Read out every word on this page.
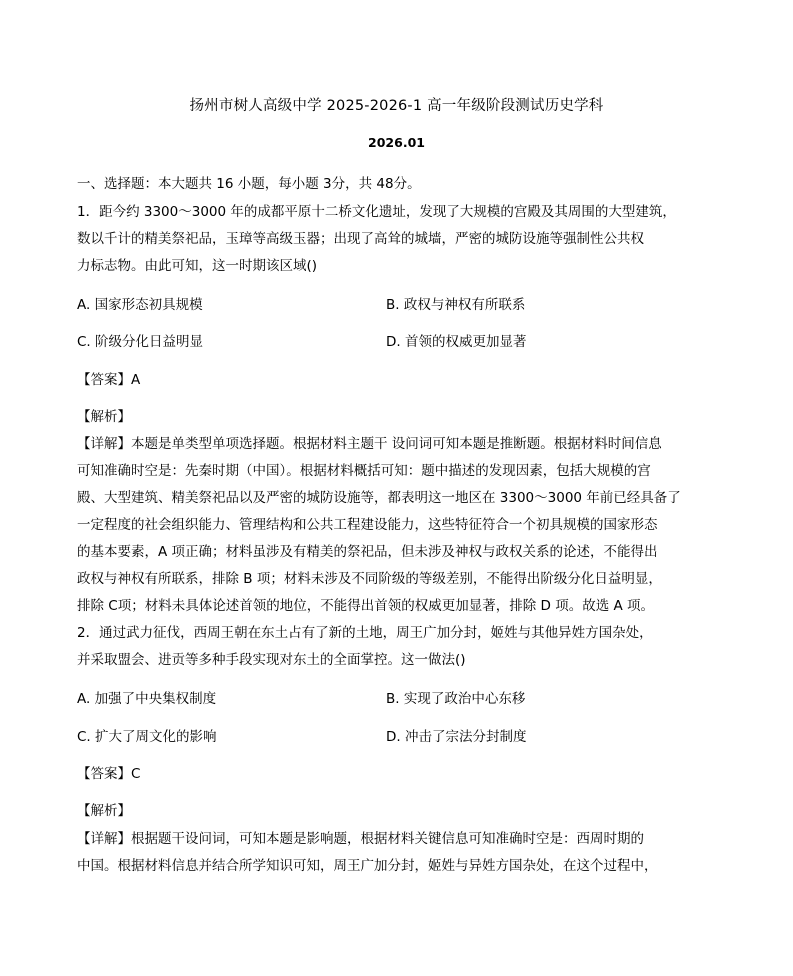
扬州市树人高级中学 2025-2026-1 高一年级阶段测试历史学科
2026.01
一、选择题：本大题共 16 小题，每小题 3分，共 48分。
1．距今约 3300～3000 年的成都平原十二桥文化遗址，发现了大规模的宫殿及其周围的大型建筑，
数以千计的精美祭祀品，玉璋等高级玉器；出现了高耸的城墙，严密的城防设施等强制性公共权
力标志物。由此可知，这一时期该区域()
A. 国家形态初具规模	B. 政权与神权有所联系
C. 阶级分化日益明显	D. 首领的权威更加显著
【答案】A
【解析】
【详解】本题是单类型单项选择题。根据材料主题干 设问词可知本题是推断题。根据材料时间信息
可知准确时空是：先秦时期（中国）。根据材料概括可知：题中描述的发现因素，包括大规模的宫
殿、大型建筑、精美祭祀品以及严密的城防设施等，都表明这一地区在 3300～3000 年前已经具备了
一定程度的社会组织能力、管理结构和公共工程建设能力，这些特征符合一个初具规模的国家形态
的基本要素，A 项正确；材料虽涉及有精美的祭祀品，但未涉及神权与政权关系的论述，不能得出
政权与神权有所联系，排除 B 项；材料未涉及不同阶级的等级差别，不能得出阶级分化日益明显，
排除 C项；材料未具体论述首领的地位，不能得出首领的权威更加显著，排除 D 项。故选 A 项。
2．通过武力征伐，西周王朝在东土占有了新的土地，周王广加分封，姬姓与其他异姓方国杂处，
并采取盟会、进贡等多种手段实现对东土的全面掌控。这一做法()
A. 加强了中央集权制度	B. 实现了政治中心东移
C. 扩大了周文化的影响	D. 冲击了宗法分封制度
【答案】C
【解析】
【详解】根据题干设问词，可知本题是影响题，根据材料关键信息可知准确时空是：西周时期的
中国。根据材料信息并结合所学知识可知，周王广加分封，姬姓与异姓方国杂处，在这个过程中，
